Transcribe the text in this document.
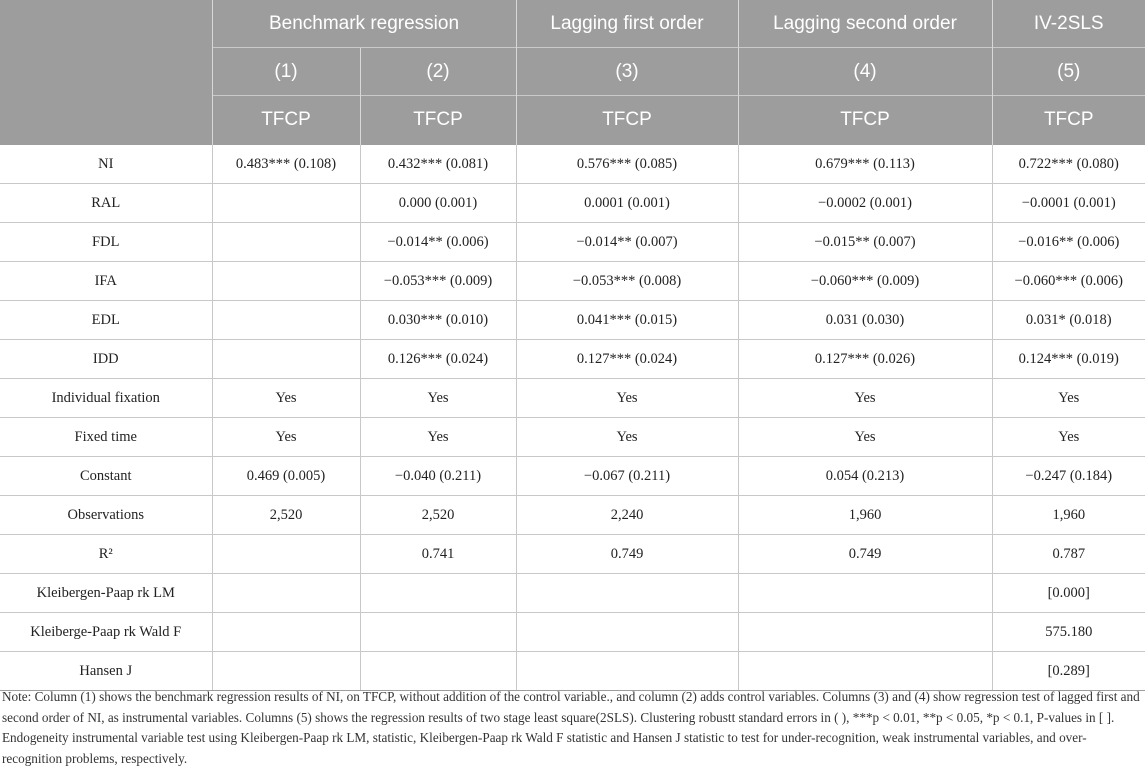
	Benchmark regression		Lagging first order	Lagging second order	IV-2SLS
	(1)	(2)	(3)	(4)	(5)
	TFCP	TFCP	TFCP	TFCP	TFCP
NI	0.483*** (0.108)	0.432*** (0.081)	0.576*** (0.085)	0.679*** (0.113)	0.722*** (0.080)
RAL		0.000 (0.001)	0.0001 (0.001)	−0.0002 (0.001)	−0.0001 (0.001)
FDL		−0.014** (0.006)	−0.014** (0.007)	−0.015** (0.007)	−0.016** (0.006)
IFA		−0.053*** (0.009)	−0.053*** (0.008)	−0.060*** (0.009)	−0.060*** (0.006)
EDL		0.030*** (0.010)	0.041*** (0.015)	0.031 (0.030)	0.031* (0.018)
IDD		0.126*** (0.024)	0.127*** (0.024)	0.127*** (0.026)	0.124*** (0.019)
Individual fixation	Yes	Yes	Yes	Yes	Yes
Fixed time	Yes	Yes	Yes	Yes	Yes
Constant	0.469 (0.005)	−0.040 (0.211)	−0.067 (0.211)	0.054 (0.213)	−0.247 (0.184)
Observations	2,520	2,520	2,240	1,960	1,960
R²		0.741	0.749	0.749	0.787
Kleibergen-Paap rk LM					[0.000]
Kleiberge-Paap rk Wald F					575.180
Hansen J					[0.289]

Note: Column (1) shows the benchmark regression results of NI, on TFCP, without addition of the control variable., and column (2) adds control variables. Columns (3) and (4) show regression test of lagged first and second order of NI, as instrumental variables. Columns (5) shows the regression results of two stage least square(2SLS). Clustering robustt standard errors in ( ), ***p < 0.01, **p < 0.05, *p < 0.1, P-values in [ ]. Endogeneity instrumental variable test using Kleibergen-Paap rk LM, statistic, Kleibergen-Paap rk Wald F statistic and Hansen J statistic to test for under-recognition, weak instrumental variables, and over-recognition problems, respectively.
